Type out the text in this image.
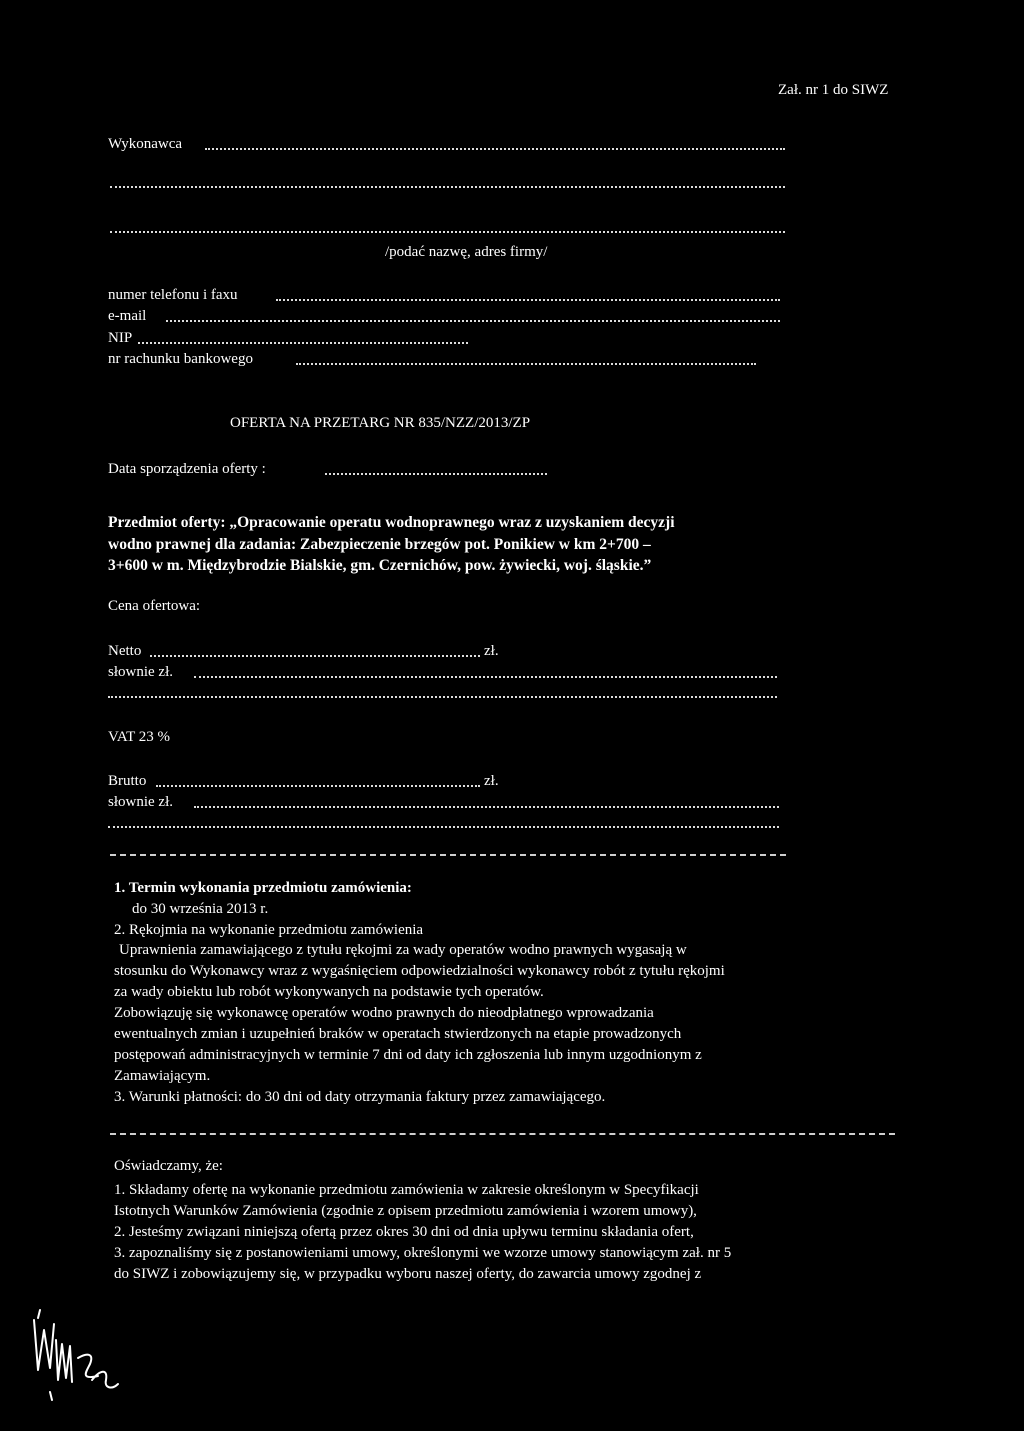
Zał. nr 1 do SIWZ
Wykonawca
/podać nazwę, adres firmy/
numer telefonu i faxu
e-mail
NIP
nr rachunku bankowego
OFERTA NA PRZETARG NR 835/NZZ/2013/ZP
Data sporządzenia oferty :
Przedmiot oferty: „Opracowanie operatu wodnoprawnego wraz z uzyskaniem decyzji
wodno prawnej dla zadania: Zabezpieczenie brzegów pot. Ponikiew w km 2+700 –
3+600 w m. Międzybrodzie Bialskie, gm. Czernichów, pow. żywiecki, woj. śląskie.”
Cena ofertowa:
Netto	zł.
słownie zł.
VAT 23 %
Brutto	zł.
słownie zł.
1. Termin wykonania przedmiotu zamówienia:
do 30 września 2013 r.
2. Rękojmia na wykonanie przedmiotu zamówienia
Uprawnienia zamawiającego z tytułu rękojmi za wady operatów wodno prawnych wygasają w
stosunku do Wykonawcy wraz z wygaśnięciem odpowiedzialności wykonawcy robót z tytułu rękojmi
za wady obiektu lub robót wykonywanych na podstawie tych operatów.
Zobowiązuję się wykonawcę operatów wodno prawnych do nieodpłatnego wprowadzania
ewentualnych zmian i uzupełnień braków w operatach stwierdzonych na etapie prowadzonych
postępowań administracyjnych w terminie 7 dni od daty ich zgłoszenia lub innym uzgodnionym z
Zamawiającym.
3. Warunki płatności: do 30 dni od daty otrzymania faktury przez zamawiającego.
Oświadczamy, że:
1. Składamy ofertę na wykonanie przedmiotu zamówienia w zakresie określonym w Specyfikacji
Istotnych Warunków Zamówienia (zgodnie z opisem przedmiotu zamówienia i wzorem umowy),
2. Jesteśmy związani niniejszą ofertą przez okres 30 dni od dnia upływu terminu składania ofert,
3. zapoznaliśmy się z postanowieniami umowy, określonymi we wzorze umowy stanowiącym zał. nr 5
do SIWZ i zobowiązujemy się, w przypadku wyboru naszej oferty, do zawarcia umowy zgodnej z
